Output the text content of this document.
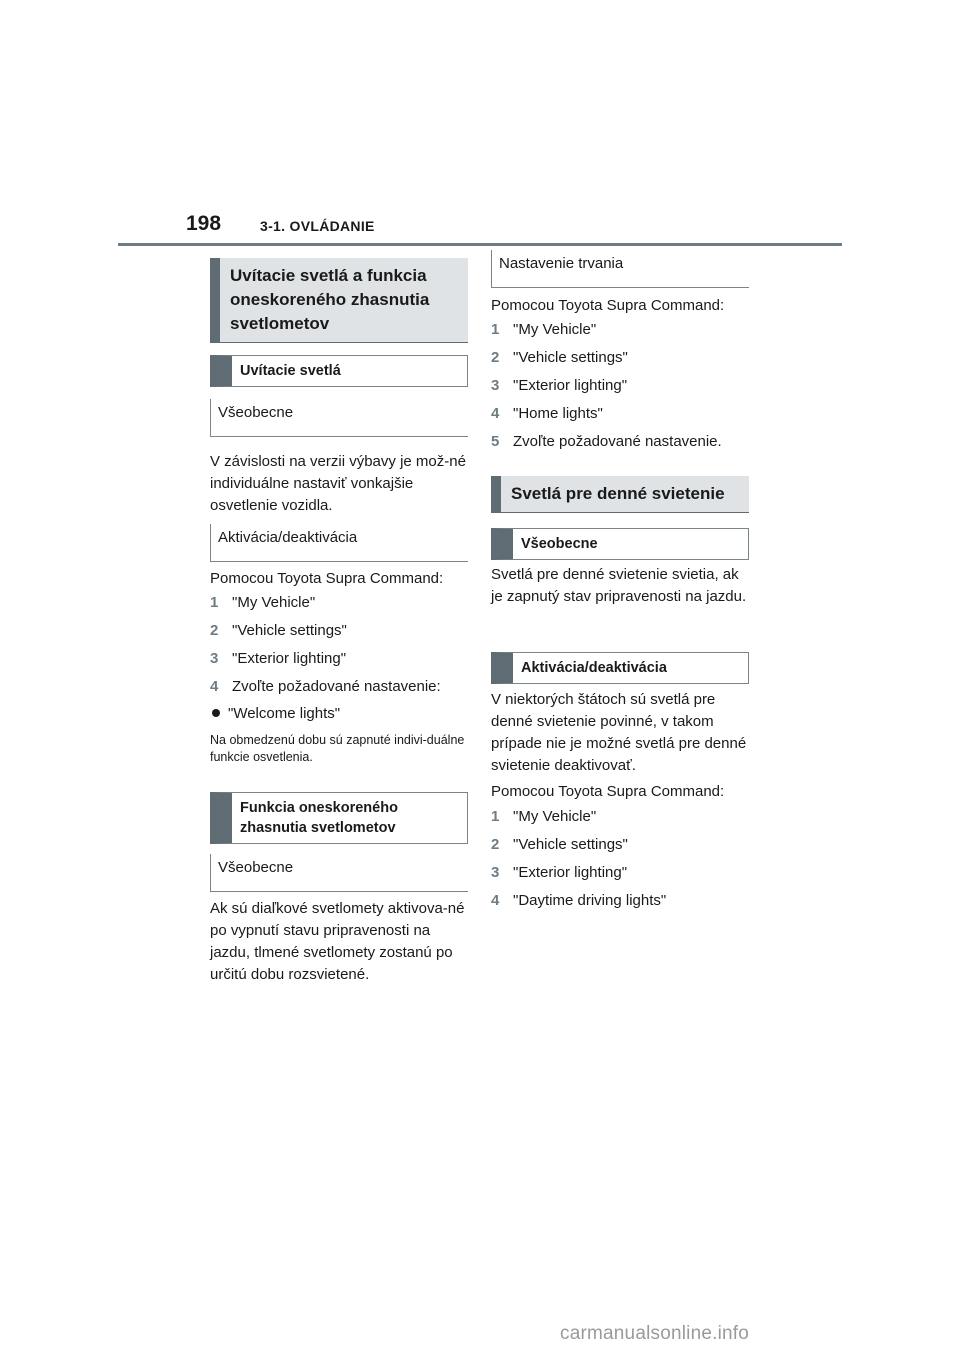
198	3-1. OVLÁDANIE
Uvítacie svetlá a funkcia oneskoreného zhasnutia svetlometov
Uvítacie svetlá
Všeobecne

V závislosti na verzii výbavy je mož-né individuálne nastaviť vonkajšie osvetlenie vozidla.

Aktivácia/deaktivácia

Pomocou Toyota Supra Command:

1 "My Vehicle"
2 "Vehicle settings"
3 "Exterior lighting"
4 Zvoľte požadované nastavenie:
"Welcome lights"

Na obmedzenú dobu sú zapnuté indivi-duálne funkcie osvetlenia.

Funkcia oneskoreného zhasnutia svetlometov
Všeobecne

Ak sú diaľkové svetlomety aktivova-né po vypnutí stavu pripravenosti na jazdu, tlmené svetlomety zostanú po určitú dobu rozsvietené.

Nastavenie trvania

Pomocou Toyota Supra Command:

1 "My Vehicle"
2 "Vehicle settings"
3 "Exterior lighting"
4 "Home lights"
5 Zvoľte požadované nastavenie.
Svetlá pre denné svietenie
Všeobecne

Svetlá pre denné svietenie svietia, ak je zapnutý stav pripravenosti na jazdu.

Aktivácia/deaktivácia

V niektorých štátoch sú svetlá pre denné svietenie povinné, v takom prípade nie je možné svetlá pre denné svietenie deaktivovať.

Pomocou Toyota Supra Command:

1 "My Vehicle"
2 "Vehicle settings"
3 "Exterior lighting"
4 "Daytime driving lights"
carmanualsonline.info
